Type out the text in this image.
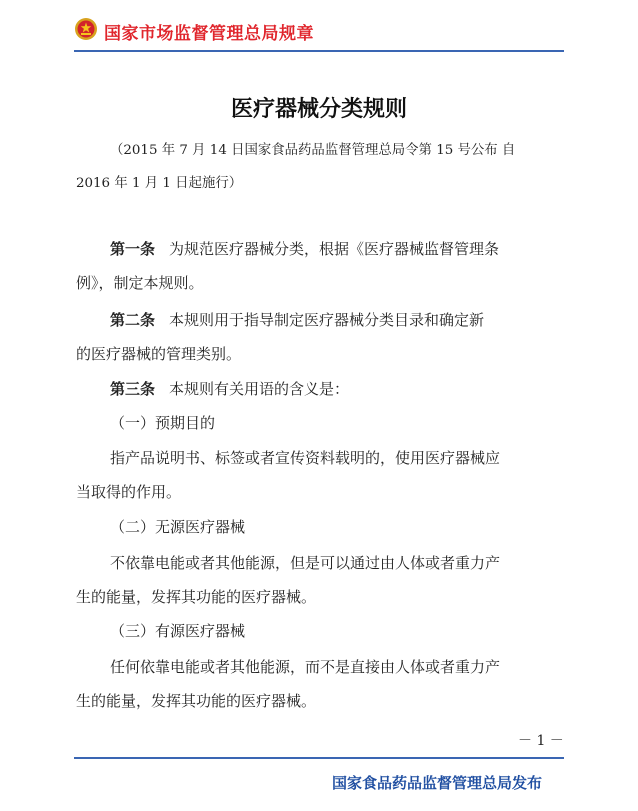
国家市场监督管理总局规章
医疗器械分类规则
（2015 年 7 月 14 日国家食品药品监督管理总局令第 15 号公布 自
2016 年 1 月 1 日起施行）
第一条 为规范医疗器械分类，根据《医疗器械监督管理条
例》，制定本规则。
第二条 本规则用于指导制定医疗器械分类目录和确定新
的医疗器械的管理类别。
第三条 本规则有关用语的含义是：
（一）预期目的
指产品说明书、标签或者宣传资料载明的，使用医疗器械应
当取得的作用。
（二）无源医疗器械
不依靠电能或者其他能源，但是可以通过由人体或者重力产
生的能量，发挥其功能的医疗器械。
（三）有源医疗器械
任何依靠电能或者其他能源，而不是直接由人体或者重力产
生的能量，发挥其功能的医疗器械。
－ 1 －
国家食品药品监督管理总局发布
